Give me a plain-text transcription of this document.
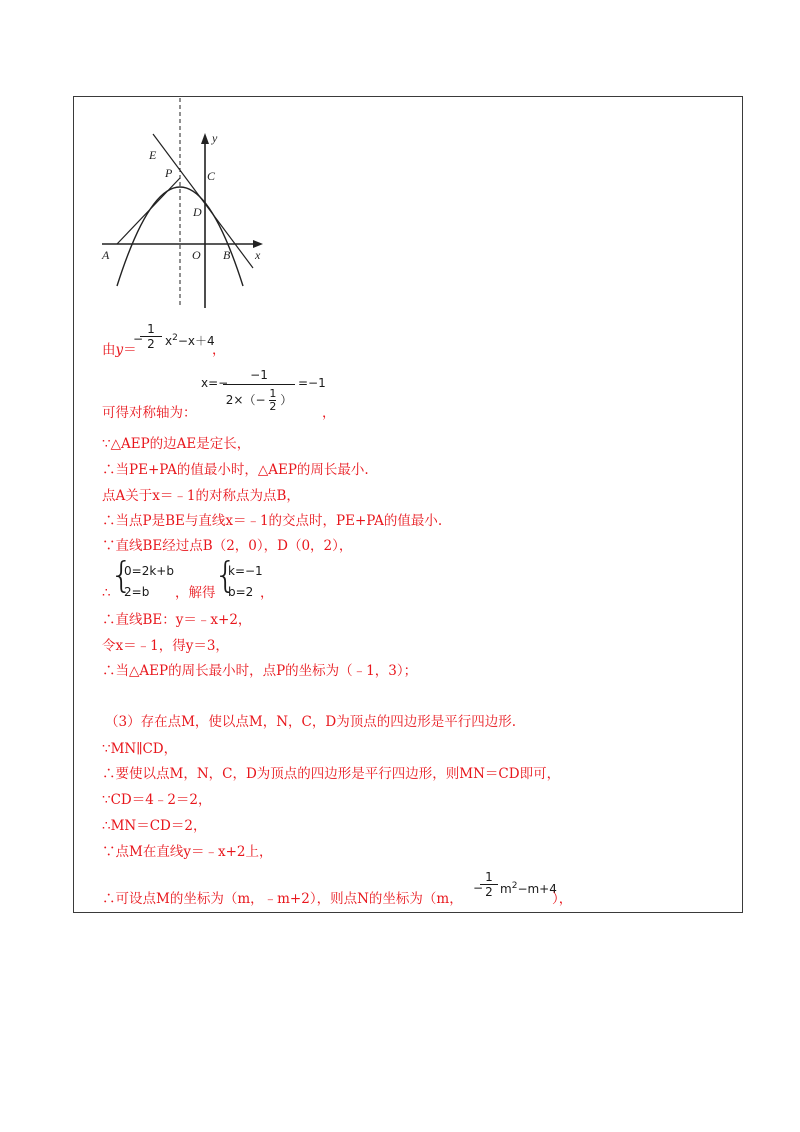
E
P	C
D
A	O B x
y
由$y= \frac{1}{2}$
− $x^2-x+4$
，
可得对称轴为：
x=−
$\frac{-1}{2\times(- \frac{1}{2} )} =-1$
，
∵△AEP的边AE是定长，
∴当PE+PA的值最小时，△AEP的周长最小.
点A关于x＝﹣1的对称点为点B，
∴当点P是BE与直线x＝﹣1的交点时，PE+PA的值最小.
∵直线BE经过点B（2，0），D（0，2），
∴ {
0=2k+b
2=b	，解得
{
k=−1
b=2 ，
∴直线BE：y＝﹣x+2，
令x＝﹣1，得y＝3，
∴当△AEP的周长最小时，点P的坐标为（﹣1，3）；
（3）存在点M，使以点M，N，C，D为顶点的四边形是平行四边形.
∵MN∥CD，
∴要使以点M，N，C，D为顶点的四边形是平行四边形，则MN＝CD即可，
∵CD＝4﹣2＝2，
∴MN＝CD＝2，
∵点M在直线y＝﹣x+2上，
∴可设点M的坐标为（m，﹣m+2），则点N的坐标为（m，
−
$\frac{1}{2} m^2-m+4$
），
